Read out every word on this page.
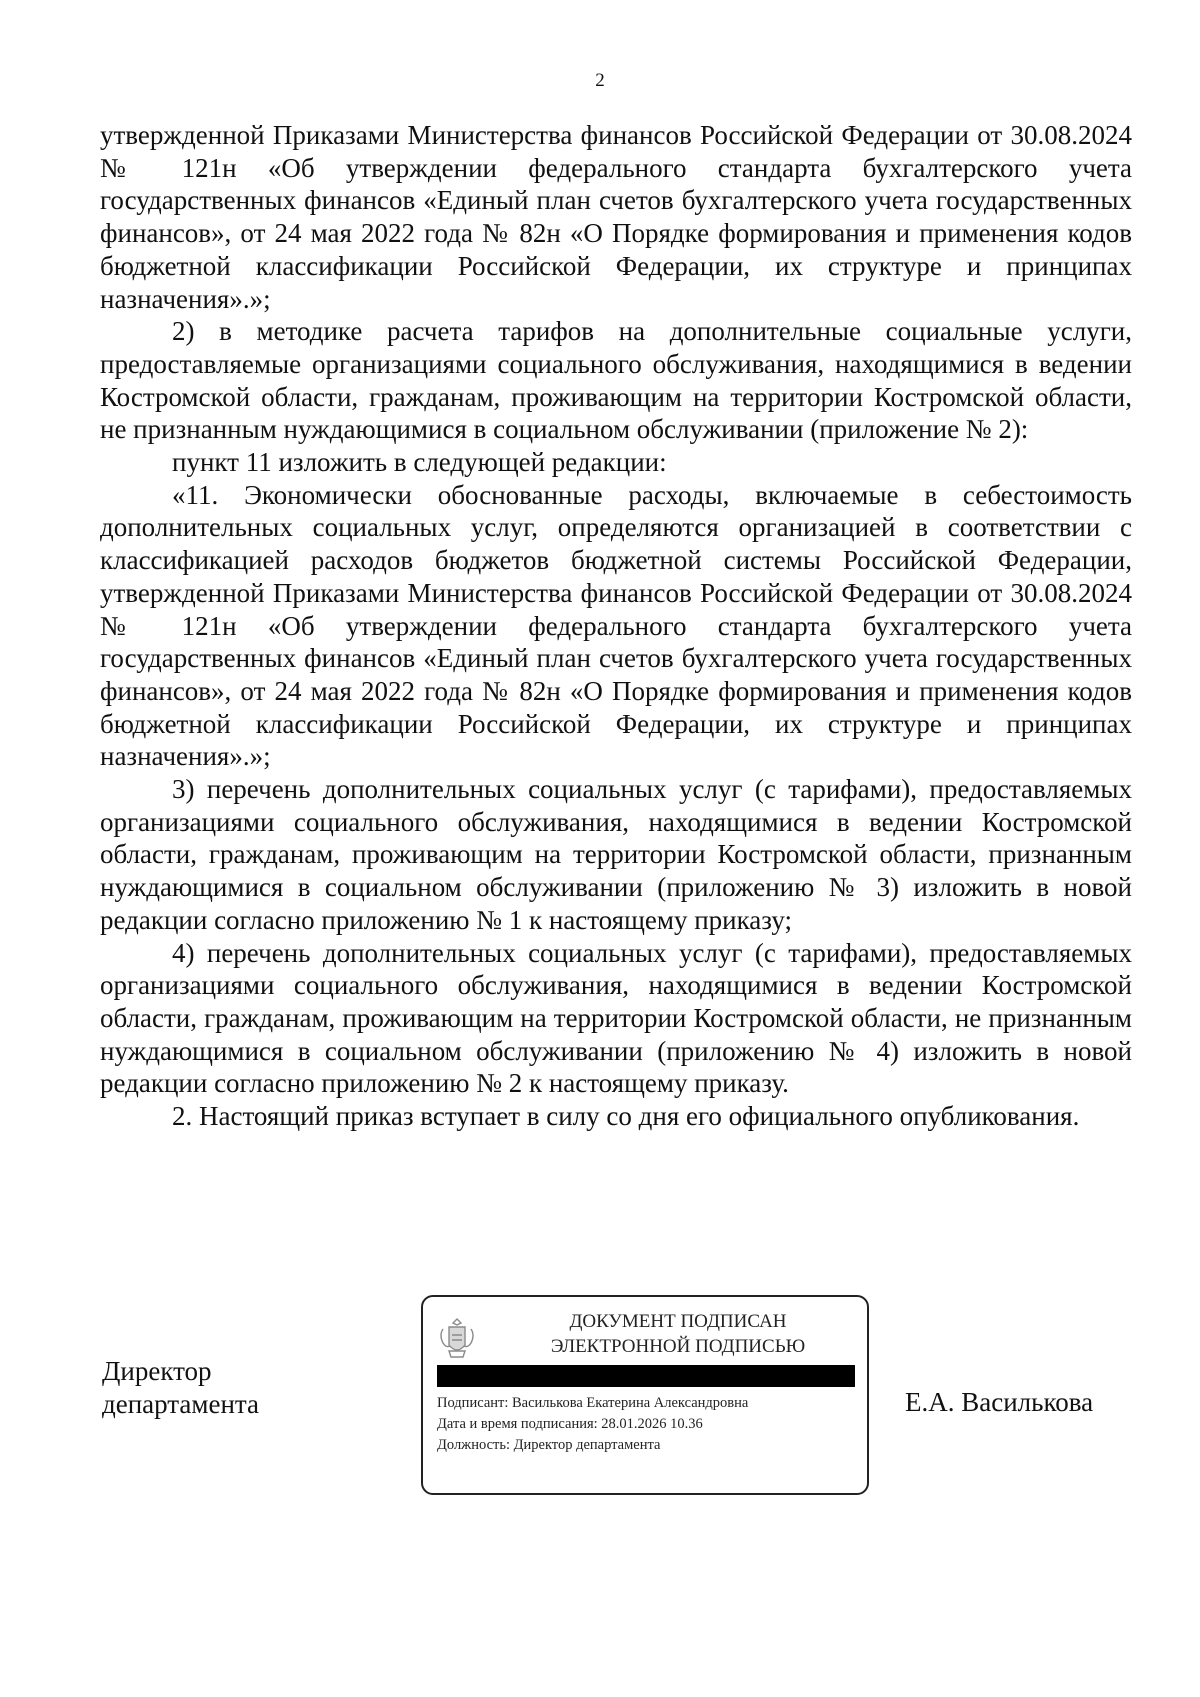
2

утвержденной Приказами Министерства финансов Российской Федерации от 30.08.2024 № 121н «Об утверждении федерального стандарта бухгалтерского учета государственных финансов «Единый план счетов бухгалтерского учета государственных финансов», от 24 мая 2022 года № 82н «О Порядке формирования и применения кодов бюджетной классификации Российской Федерации, их структуре и принципах назначения».»;

2) в методике расчета тарифов на дополнительные социальные услуги, предоставляемые организациями социального обслуживания, находящимися в ведении Костромской области, гражданам, проживающим на территории Костромской области, не признанным нуждающимися в социальном обслуживании (приложение № 2):

пункт 11 изложить в следующей редакции:

«11. Экономически обоснованные расходы, включаемые в себестоимость дополнительных социальных услуг, определяются организацией в соответствии с классификацией расходов бюджетов бюджетной системы Российской Федерации, утвержденной Приказами Министерства финансов Российской Федерации от 30.08.2024 № 121н «Об утверждении федерального стандарта бухгалтерского учета государственных финансов «Единый план счетов бухгалтерского учета государственных финансов», от 24 мая 2022 года № 82н «О Порядке формирования и применения кодов бюджетной классификации Российской Федерации, их структуре и принципах назначения».»;

3) перечень дополнительных социальных услуг (с тарифами), предоставляемых организациями социального обслуживания, находящимися в ведении Костромской области, гражданам, проживающим на территории Костромской области, признанным нуждающимися в социальном обслуживании (приложению № 3) изложить в новой редакции согласно приложению № 1 к настоящему приказу;

4) перечень дополнительных социальных услуг (с тарифами), предоставляемых организациями социального обслуживания, находящимися в ведении Костромской области, гражданам, проживающим на территории Костромской области, не признанным нуждающимися в социальном обслуживании (приложению № 4) изложить в новой редакции согласно приложению № 2 к настоящему приказу.

2. Настоящий приказ вступает в силу со дня его официального опубликования.

Директор
департамента
ДОКУМЕНТ ПОДПИСАН
ЭЛЕКТРОННОЙ ПОДПИСЬЮ
Подписант: Василькова Екатерина Александровна
Дата и время подписания: 28.01.2026 10.36
Должность: Директор департамента
Е.А. Василькова
